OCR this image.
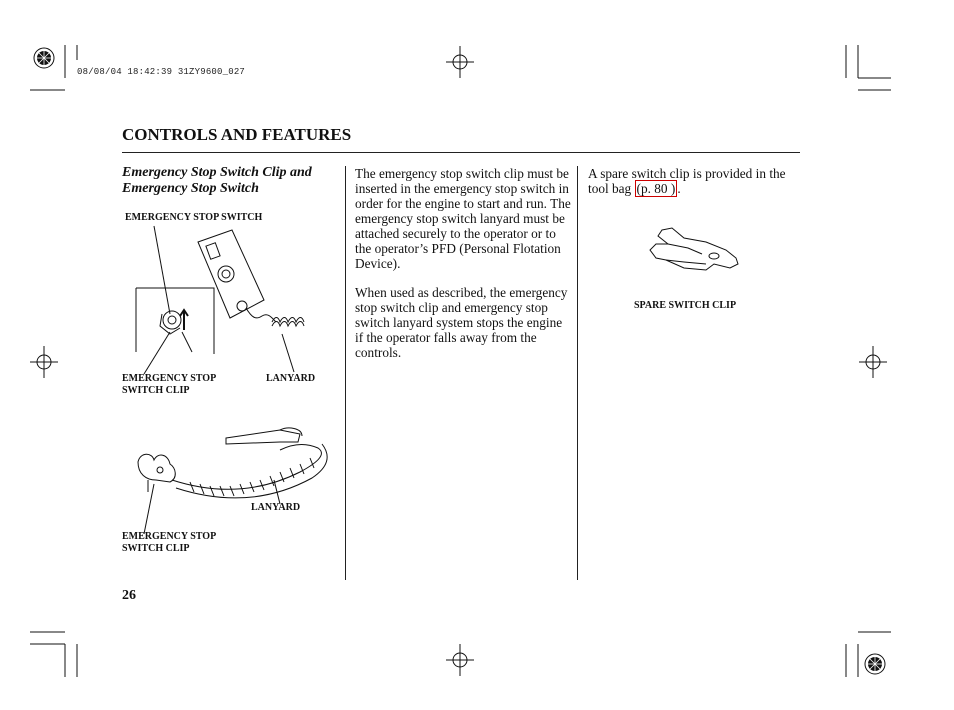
08/08/04 18:42:39 31ZY9600_027
CONTROLS AND FEATURES
Emergency Stop Switch Clip and
Emergency Stop Switch
EMERGENCY STOP SWITCH
EMERGENCY STOP
SWITCH CLIP
LANYARD
LANYARD
EMERGENCY STOP
SWITCH CLIP

The emergency stop switch clip must be inserted in the emergency stop switch in order for the engine to start and run. The emergency stop switch lanyard must be attached securely to the operator or to the operator’s PFD (Personal Flotation Device).

When used as described, the emergency stop switch clip and emergency stop switch lanyard system stops the engine if the operator falls away from the controls.

A spare switch clip is provided in the tool bag (p. 80 ) .
SPARE SWITCH CLIP
26
